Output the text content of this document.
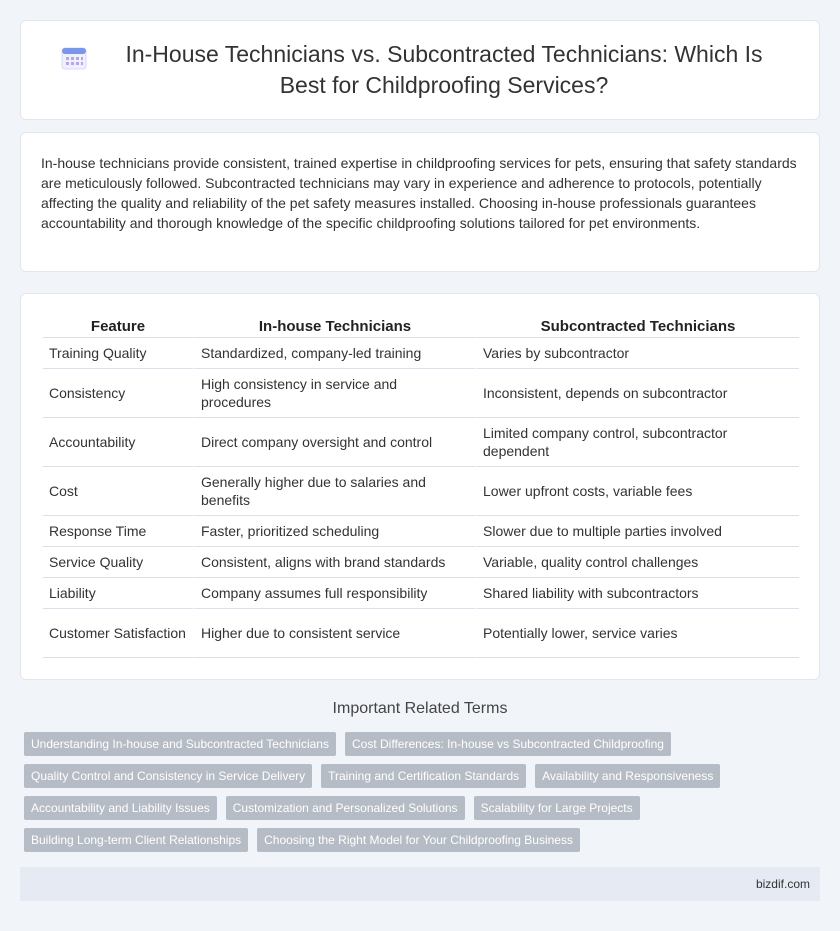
In-House Technicians vs. Subcontracted Technicians: Which Is Best for Childproofing Services?

In-house technicians provide consistent, trained expertise in childproofing services for pets, ensuring that safety standards are meticulously followed. Subcontracted technicians may vary in experience and adherence to protocols, potentially affecting the quality and reliability of the pet safety measures installed. Choosing in-house professionals guarantees accountability and thorough knowledge of the specific childproofing solutions tailored for pet environments.

Feature	In-house Technicians	Subcontracted Technicians
Training Quality	Standardized, company-led training	Varies by subcontractor
Consistency	High consistency in service and procedures	Inconsistent, depends on subcontractor
Accountability	Direct company oversight and control	Limited company control, subcontractor dependent
Cost	Generally higher due to salaries and benefits	Lower upfront costs, variable fees
Response Time	Faster, prioritized scheduling	Slower due to multiple parties involved
Service Quality	Consistent, aligns with brand standards	Variable, quality control challenges
Liability	Company assumes full responsibility	Shared liability with subcontractors
Customer Satisfaction	Higher due to consistent service	Potentially lower, service varies
Important Related Terms
Understanding In-house and Subcontracted Technicians	Cost Differences: In-house vs Subcontracted Childproofing
Quality Control and Consistency in Service Delivery	Training and Certification Standards	Availability and Responsiveness
Accountability and Liability Issues	Customization and Personalized Solutions	Scalability for Large Projects
Building Long-term Client Relationships	Choosing the Right Model for Your Childproofing Business
bizdif.com
